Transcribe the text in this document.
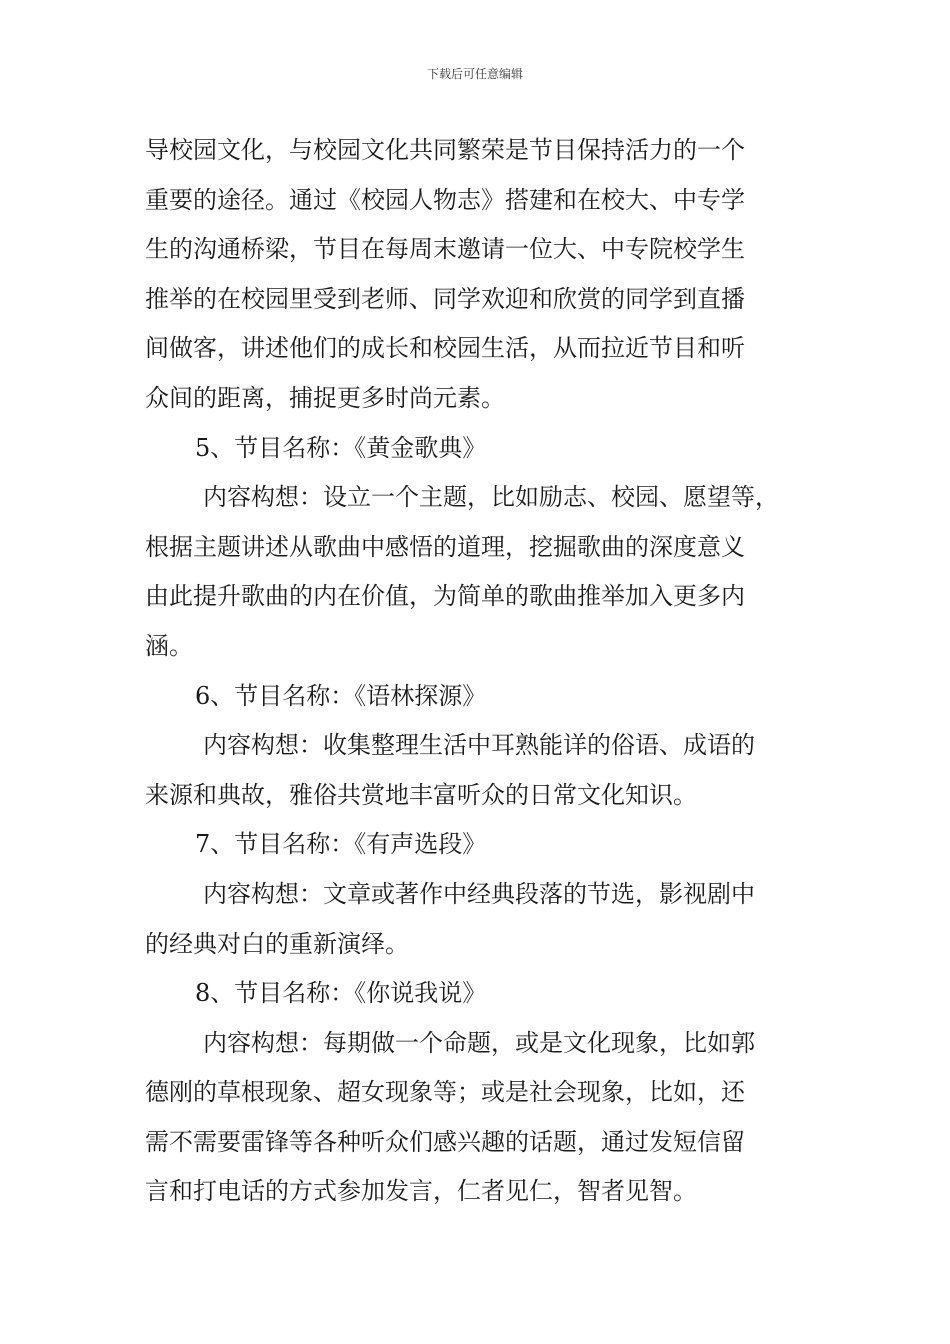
下载后可任意编辑
导校园文化，与校园文化共同繁荣是节目保持活力的一个
重要的途径。通过《校园人物志》搭建和在校大、中专学
生的沟通桥梁，节目在每周末邀请一位大、中专院校学生
推举的在校园里受到老师、同学欢迎和欣赏的同学到直播
间做客，讲述他们的成长和校园生活，从而拉近节目和听
众间的距离，捕捉更多时尚元素。
5、节目名称：《黄金歌典》
内容构想：设立一个主题，比如励志、校园、愿望等，
根据主题讲述从歌曲中感悟的道理，挖掘歌曲的深度意义
由此提升歌曲的内在价值，为简单的歌曲推举加入更多内
涵。
6、节目名称：《语林探源》
内容构想：收集整理生活中耳熟能详的俗语、成语的
来源和典故，雅俗共赏地丰富听众的日常文化知识。
7、节目名称：《有声选段》
内容构想：文章或著作中经典段落的节选，影视剧中
的经典对白的重新演绎。
8、节目名称：《你说我说》
内容构想：每期做一个命题，或是文化现象，比如郭
德刚的草根现象、超女现象等；或是社会现象，比如，还
需不需要雷锋等各种听众们感兴趣的话题，通过发短信留
言和打电话的方式参加发言，仁者见仁，智者见智。
